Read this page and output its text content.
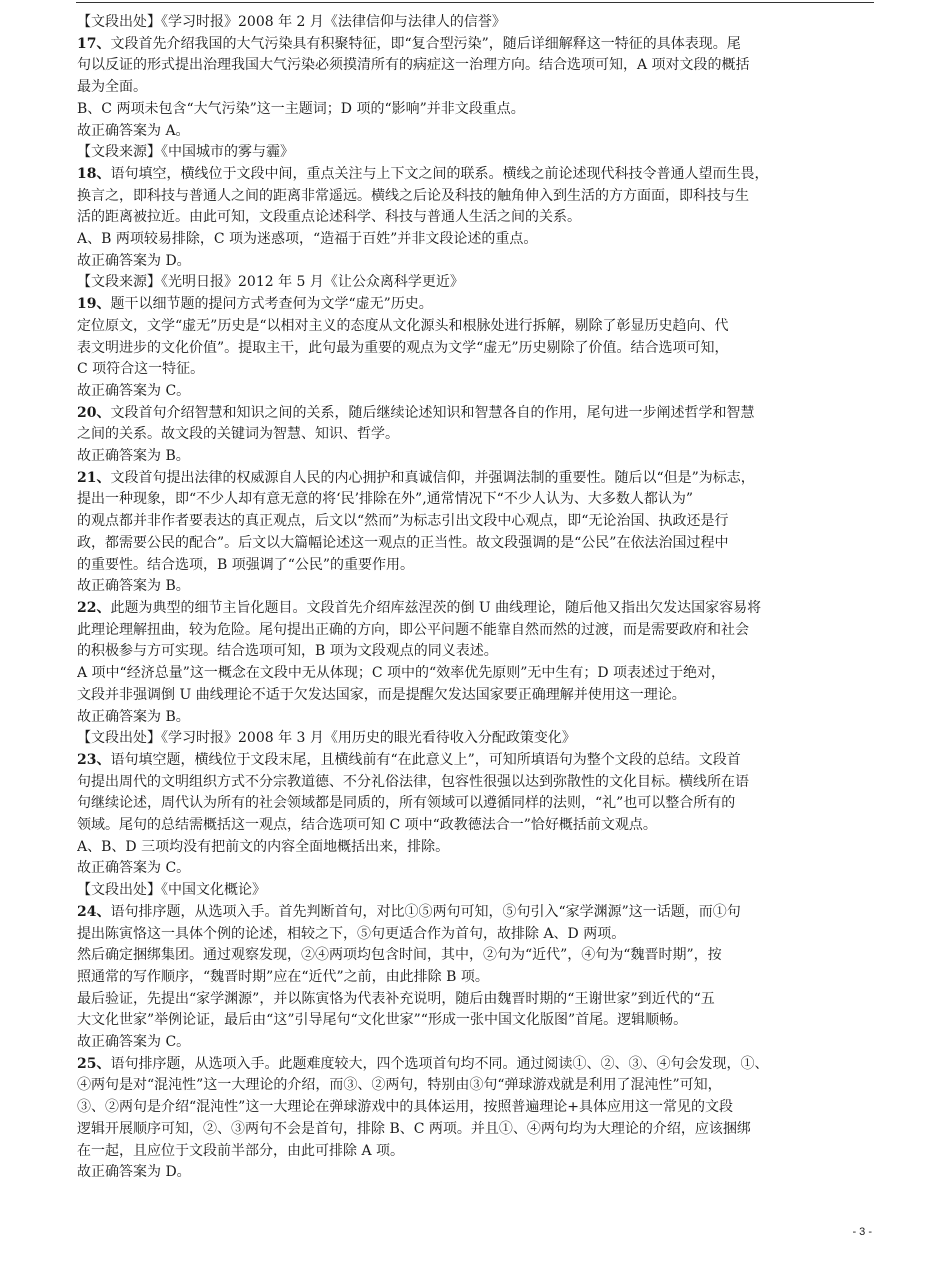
【文段出处】《学习时报》2008 年 2 月《法律信仰与法律人的信誉》
17、文段首先介绍我国的大气污染具有积聚特征，即“复合型污染”，随后详细解释这一特征的具体表现。尾
句以反证的形式提出治理我国大气污染必须摸清所有的病症这一治理方向。结合选项可知，A 项对文段的概括
最为全面。
B、C 两项未包含“大气污染”这一主题词；D 项的“影响”并非文段重点。
故正确答案为 A。
【文段来源】《中国城市的雾与霾》
18、语句填空，横线位于文段中间，重点关注与上下文之间的联系。横线之前论述现代科技令普通人望而生畏，
换言之，即科技与普通人之间的距离非常遥远。横线之后论及科技的触角伸入到生活的方方面面，即科技与生
活的距离被拉近。由此可知，文段重点论述科学、科技与普通人生活之间的关系。
A、B 两项较易排除，C 项为迷惑项，“造福于百姓”并非文段论述的重点。
故正确答案为 D。
【文段来源】《光明日报》2012 年 5 月《让公众离科学更近》
19、题干以细节题的提问方式考查何为文学“虚无”历史。
定位原文，文学“虚无”历史是“以相对主义的态度从文化源头和根脉处进行拆解，剔除了彰显历史趋向、代
表文明进步的文化价值”。提取主干，此句最为重要的观点为文学“虚无”历史剔除了价值。结合选项可知，
C 项符合这一特征。
故正确答案为 C。
20、文段首句介绍智慧和知识之间的关系，随后继续论述知识和智慧各自的作用，尾句进一步阐述哲学和智慧
之间的关系。故文段的关键词为智慧、知识、哲学。
故正确答案为 B。
21、文段首句提出法律的权威源自人民的内心拥护和真诚信仰，并强调法制的重要性。随后以“但是”为标志，
提出一种现象，即“不少人却有意无意的将‘民’排除在外”,通常情况下“不少人认为、大多数人都认为”
的观点都并非作者要表达的真正观点，后文以“然而”为标志引出文段中心观点，即“无论治国、执政还是行
政，都需要公民的配合”。后文以大篇幅论述这一观点的正当性。故文段强调的是“公民”在依法治国过程中
的重要性。结合选项，B 项强调了“公民”的重要作用。
故正确答案为 B。
22、此题为典型的细节主旨化题目。文段首先介绍库兹涅茨的倒 U 曲线理论，随后他又指出欠发达国家容易将
此理论理解扭曲，较为危险。尾句提出正确的方向，即公平问题不能靠自然而然的过渡，而是需要政府和社会
的积极参与方可实现。结合选项可知，B 项为文段观点的同义表述。
A 项中“经济总量”这一概念在文段中无从体现；C 项中的“效率优先原则”无中生有；D 项表述过于绝对，
文段并非强调倒 U 曲线理论不适于欠发达国家，而是提醒欠发达国家要正确理解并使用这一理论。
故正确答案为 B。
【文段出处】《学习时报》2008 年 3 月《用历史的眼光看待收入分配政策变化》
23、语句填空题，横线位于文段末尾，且横线前有“在此意义上”，可知所填语句为整个文段的总结。文段首
句提出周代的文明组织方式不分宗教道德、不分礼俗法律，包容性很强以达到弥散性的文化目标。横线所在语
句继续论述，周代认为所有的社会领域都是同质的，所有领域可以遵循同样的法则，“礼”也可以整合所有的
领域。尾句的总结需概括这一观点，结合选项可知 C 项中“政教德法合一”恰好概括前文观点。
A、B、D 三项均没有把前文的内容全面地概括出来，排除。
故正确答案为 C。
【文段出处】《中国文化概论》
24、语句排序题，从选项入手。首先判断首句，对比①⑤两句可知，⑤句引入“家学渊源”这一话题，而①句
提出陈寅恪这一具体个例的论述，相较之下，⑤句更适合作为首句，故排除 A、D 两项。
然后确定捆绑集团。通过观察发现，②④两项均包含时间，其中，②句为“近代”，④句为“魏晋时期”，按
照通常的写作顺序，“魏晋时期”应在“近代”之前，由此排除 B 项。
最后验证，先提出“家学渊源”，并以陈寅恪为代表补充说明，随后由魏晋时期的“王谢世家”到近代的“五
大文化世家”举例论证，最后由“这”引导尾句“文化世家”“形成一张中国文化版图”首尾。逻辑顺畅。
故正确答案为 C。
25、语句排序题，从选项入手。此题难度较大，四个选项首句均不同。通过阅读①、②、③、④句会发现，①、
④两句是对“混沌性”这一大理论的介绍，而③、②两句，特别由③句“弹球游戏就是利用了混沌性”可知，
③、②两句是介绍“混沌性”这一大理论在弹球游戏中的具体运用，按照普遍理论+具体应用这一常见的文段
逻辑开展顺序可知，②、③两句不会是首句，排除 B、C 两项。并且①、④两句均为大理论的介绍，应该捆绑
在一起，且应位于文段前半部分，由此可排除 A 项。
故正确答案为 D。
- 3 -
